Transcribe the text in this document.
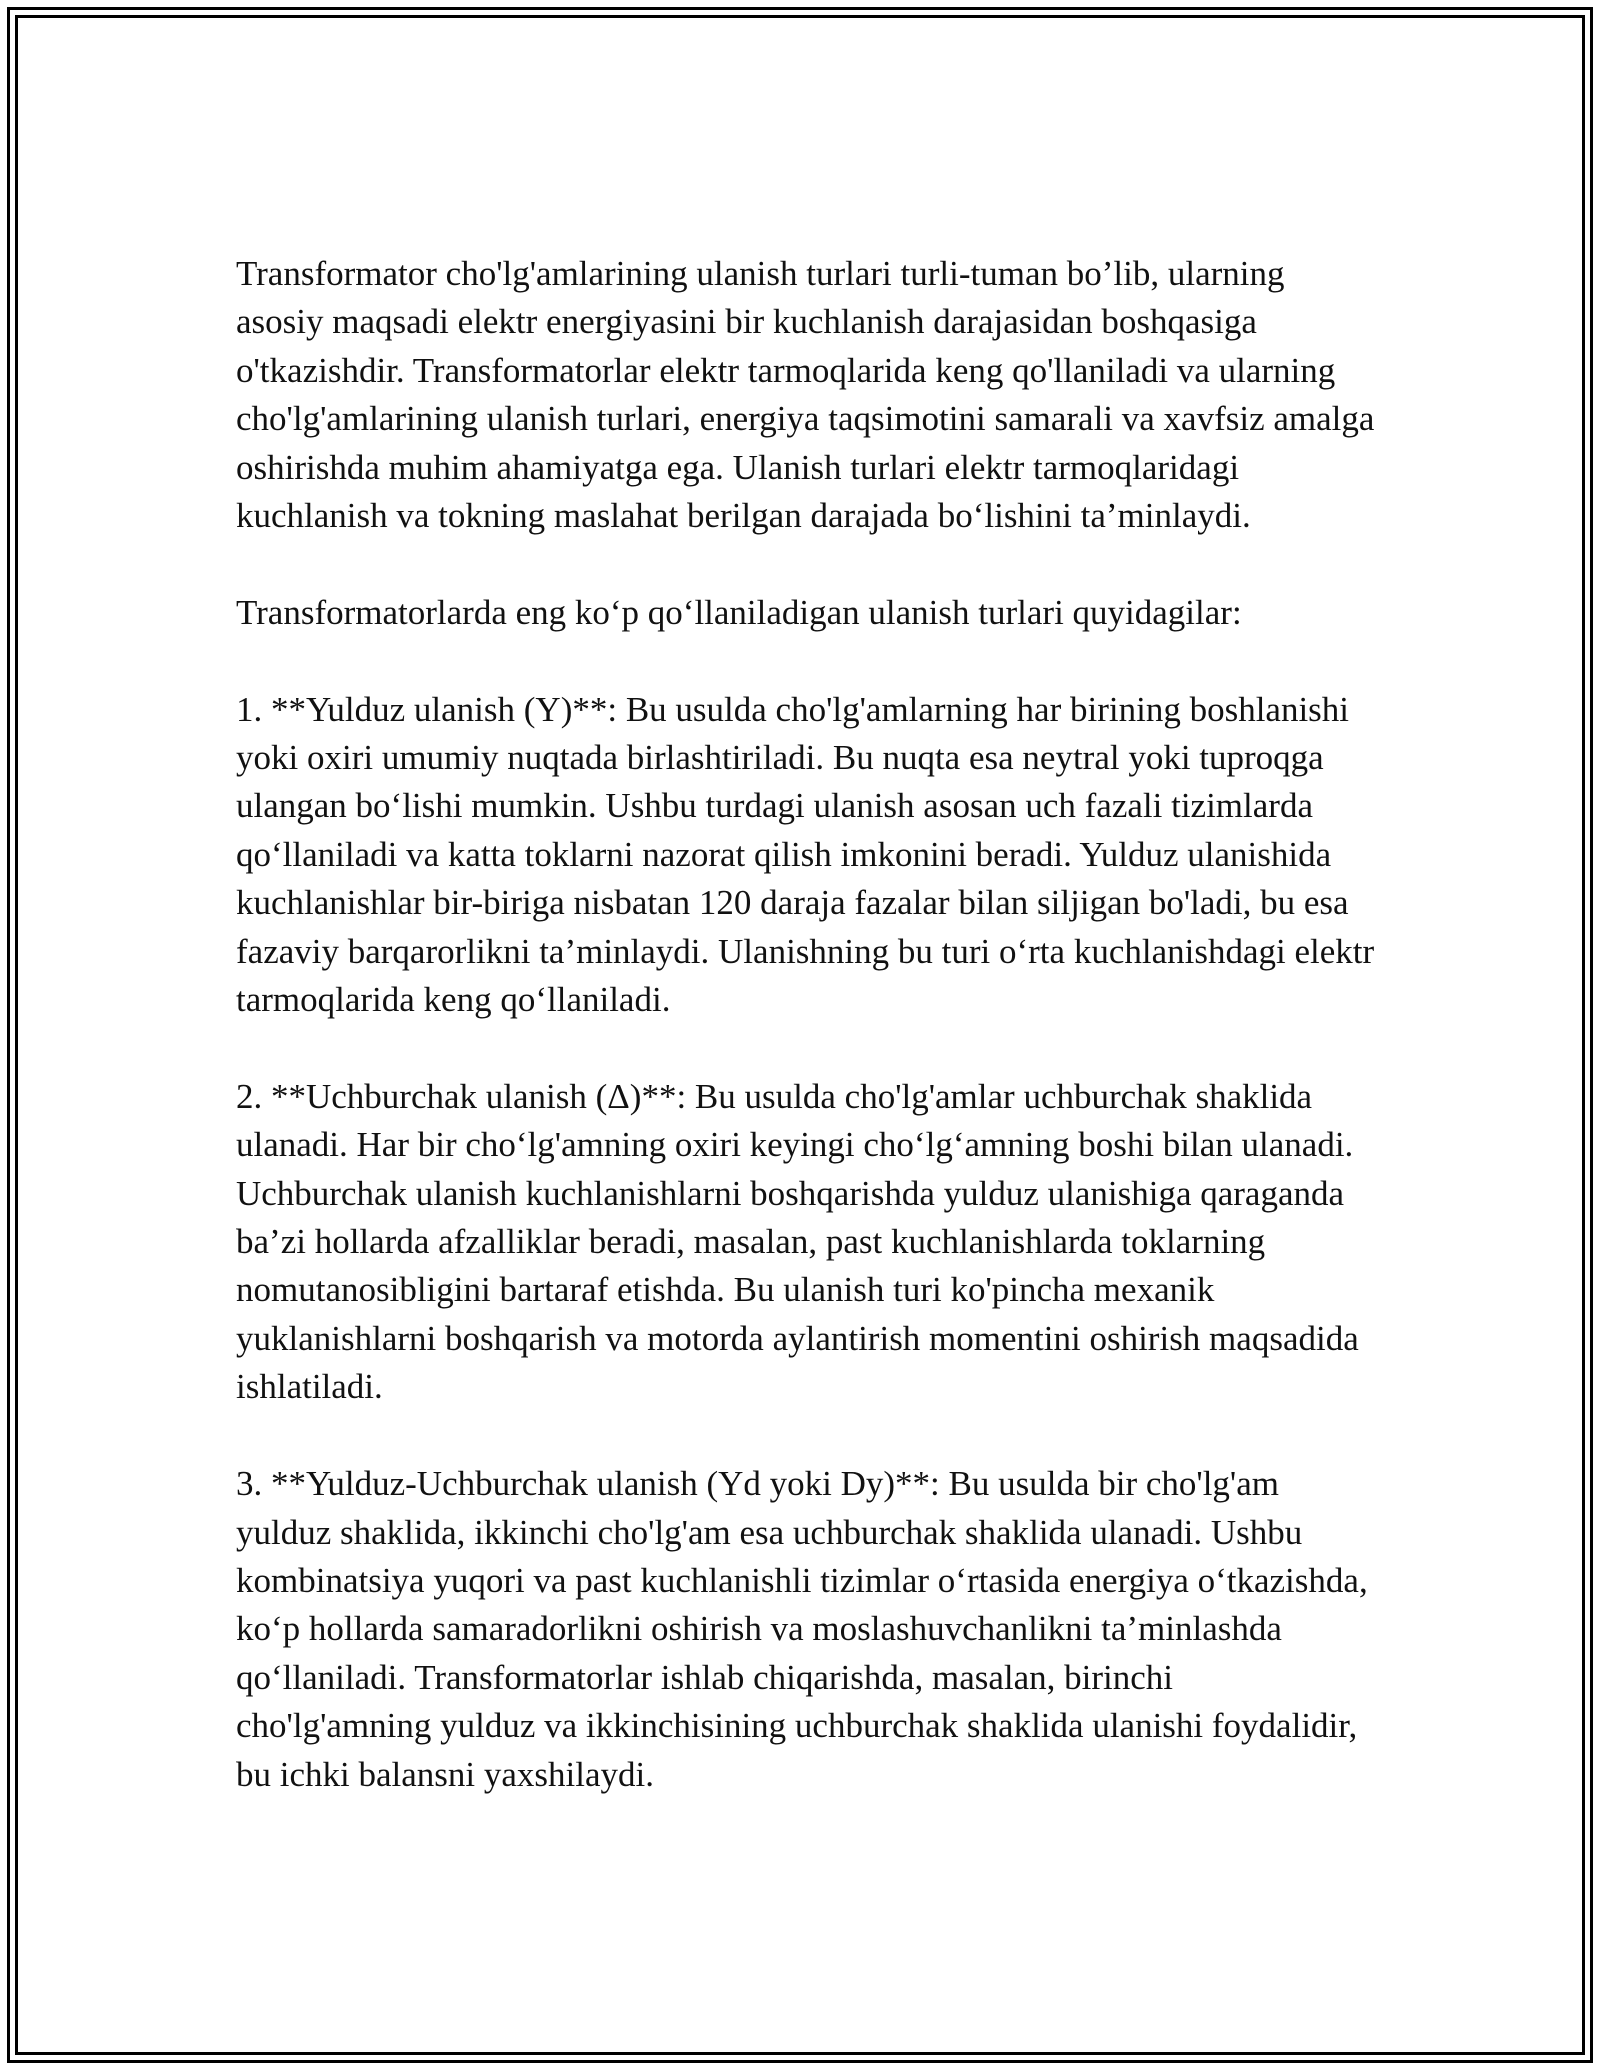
Transformator cho'lg'amlarining ulanish turlari turli-tuman bo’lib, ularning asosiy maqsadi elektr energiyasini bir kuchlanish darajasidan boshqasiga o'tkazishdir. Transformatorlar elektr tarmoqlarida keng qo'llaniladi va ularning cho'lg'amlarining ulanish turlari, energiya taqsimotini samarali va xavfsiz amalga oshirishda muhim ahamiyatga ega. Ulanish turlari elektr tarmoqlaridagi kuchlanish va tokning maslahat berilgan darajada bo‘lishini ta’minlaydi.

Transformatorlarda eng ko‘p qo‘llaniladigan ulanish turlari quyidagilar:

1. **Yulduz ulanish (Y)**: Bu usulda cho'lg'amlarning har birining boshlanishi yoki oxiri umumiy nuqtada birlashtiriladi. Bu nuqta esa neytral yoki tuproqga ulangan bo‘lishi mumkin. Ushbu turdagi ulanish asosan uch fazali tizimlarda qo‘llaniladi va katta toklarni nazorat qilish imkonini beradi. Yulduz ulanishida kuchlanishlar bir-biriga nisbatan 120 daraja fazalar bilan siljigan bo'ladi, bu esa fazaviy barqarorlikni ta’minlaydi. Ulanishning bu turi o‘rta kuchlanishdagi elektr tarmoqlarida keng qo‘llaniladi.

2. **Uchburchak ulanish (Δ)**: Bu usulda cho'lg'amlar uchburchak shaklida ulanadi. Har bir cho‘lg'amning oxiri keyingi cho‘lg‘amning boshi bilan ulanadi. Uchburchak ulanish kuchlanishlarni boshqarishda yulduz ulanishiga qaraganda ba’zi hollarda afzalliklar beradi, masalan, past kuchlanishlarda toklarning nomutanosibligini bartaraf etishda. Bu ulanish turi ko'pincha mexanik yuklanishlarni boshqarish va motorda aylantirish momentini oshirish maqsadida ishlatiladi.

3. **Yulduz-Uchburchak ulanish (Yd yoki Dy)**: Bu usulda bir cho'lg'am yulduz shaklida, ikkinchi cho'lg'am esa uchburchak shaklida ulanadi. Ushbu kombinatsiya yuqori va past kuchlanishli tizimlar o‘rtasida energiya o‘tkazishda, ko‘p hollarda samaradorlikni oshirish va moslashuvchanlikni ta’minlashda qo‘llaniladi. Transformatorlar ishlab chiqarishda, masalan, birinchi cho'lg'amning yulduz va ikkinchisining uchburchak shaklida ulanishi foydalidir, bu ichki balansni yaxshilaydi.
